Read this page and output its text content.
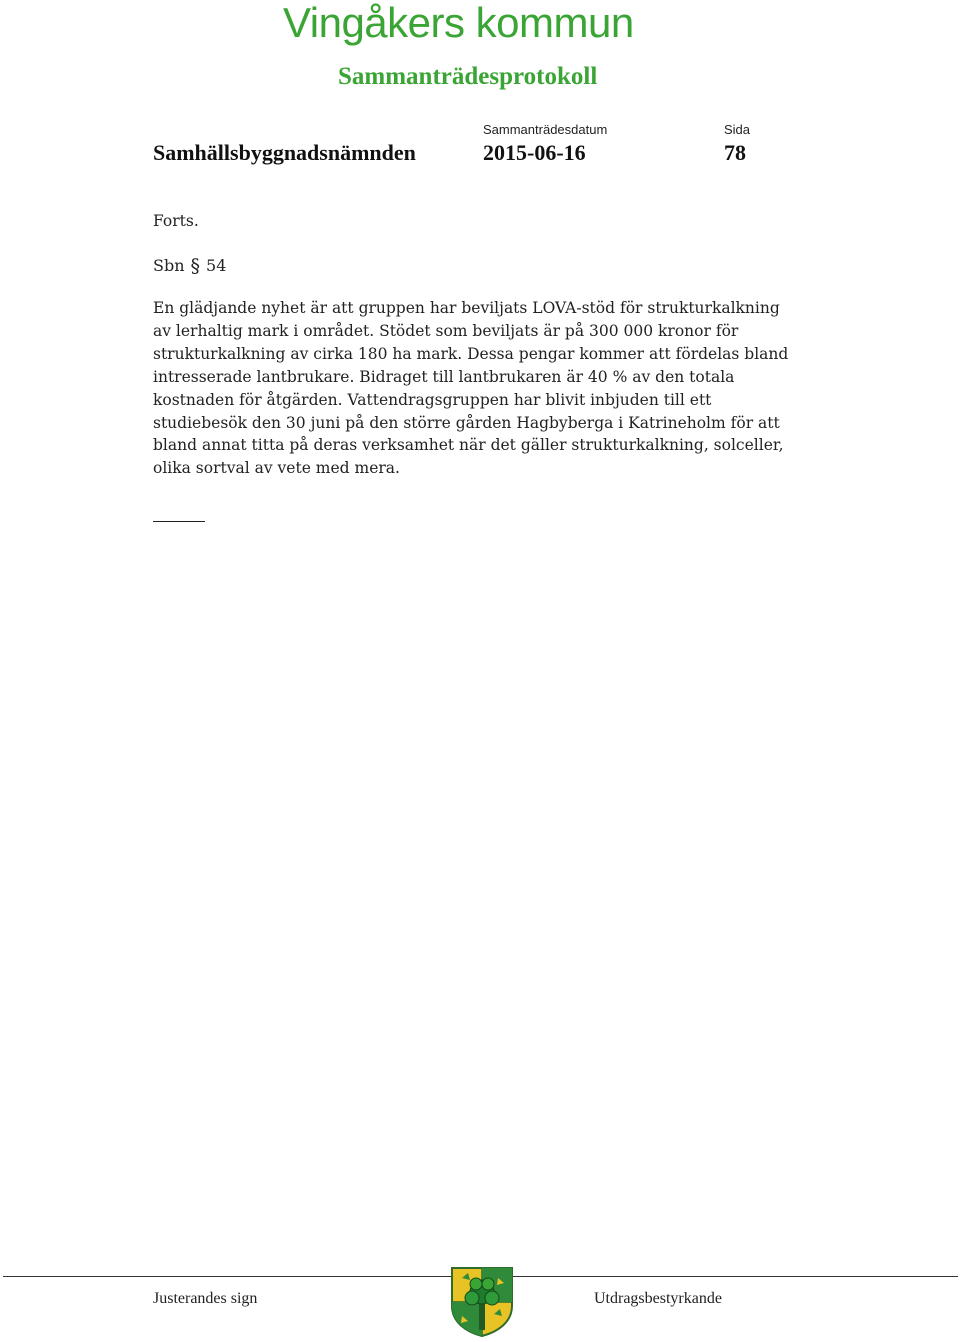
Vingåkers kommun
Sammanträdesprotokoll
Sammanträdesdatum	Sida
Samhällsbyggnadsnämnden	2015-06-16	78
Forts.
Sbn § 54
En glädjande nyhet är att gruppen har beviljats LOVA-stöd för strukturkalkning
av lerhaltig mark i området. Stödet som beviljats är på 300 000 kronor för
strukturkalkning av cirka 180 ha mark. Dessa pengar kommer att fördelas bland
intresserade lantbrukare. Bidraget till lantbrukaren är 40 % av den totala
kostnaden för åtgärden. Vattendragsgruppen har blivit inbjuden till ett
studiebesök den 30 juni på den större gården Hagbyberga i Katrineholm för att
bland annat titta på deras verksamhet när det gäller strukturkalkning, solceller,
olika sortval av vete med mera.
Justerandes sign	Utdragsbestyrkande
